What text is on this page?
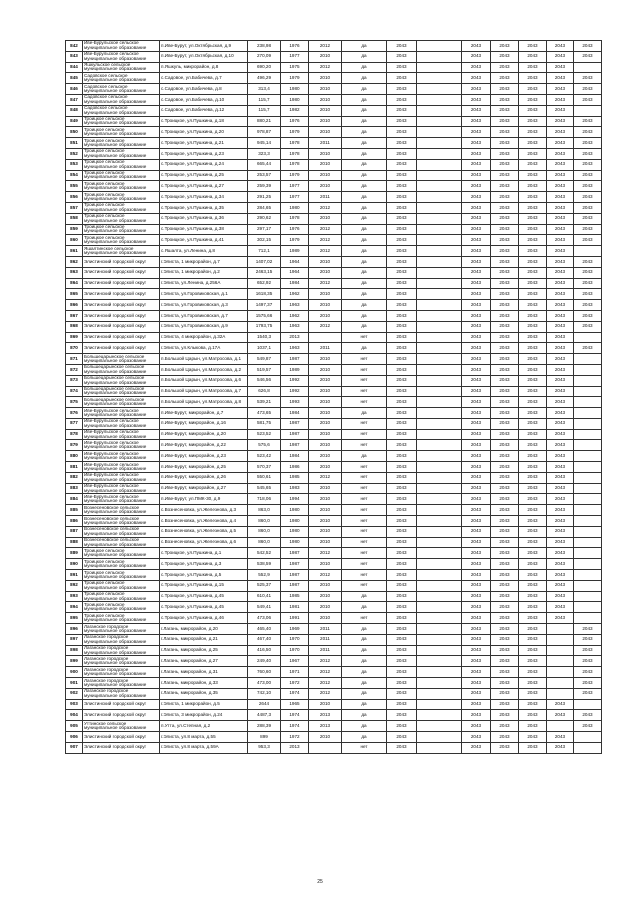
842	Иве-Бурульское сельское муниципальное образование	п.Иве-Бурут, ул.Октябрьская, д.9	238,98	1976	2012	да	2043		2043	2043	2043	2043	2043
843	Иве-Бурульское сельское муниципальное образование	п.Иве-Бурут, ул.Октябрьская, д.10	270,09	1977	2010	да	2043		2043	2043	2043	2043	2043
844	Яшкульское сельское муниципальное образование	п.Яшкуль, микрорайон, д.8	690,20	1975	2012	да	2043		2043	2043	2043	2043	
845	Садовское сельское муниципальное образование	с.Садовое, ул.Бабичева, д.7	496,29	1979	2010	да	2043		2043	2043	2043	2043	2043
846	Садовское сельское муниципальное образование	с.Садовое, ул.Бабичева, д.8	313,4	1980	2010	да	2043		2043	2043	2043	2043	2043
847	Садовское сельское муниципальное образование	с.Садовое, ул.Бабичева, д.10	115,7	1980	2010	да	2043		2043	2043	2043	2043	2043
848	Садовское сельское муниципальное образование	с.Садовое, ул.Бабичева, д.12	115,7	1982	2010	да	2043		2043	2043	2043	2043	
849	Троицкое сельское муниципальное образование	с.Троицкое, ул.Пушкина, д.18	880,21	1976	2010	да	2043		2043	2043	2043	2043	2043
850	Троицкое сельское муниципальное образование	с.Троицкое, ул.Пушкина, д.20	978,87	1979	2010	да	2043		2043	2043	2043	2043	2043
851	Троицкое сельское муниципальное образование	с.Троицкое, ул.Пушкина, д.21	945,14	1978	2011	да	2043		2043	2043	2043	2043	2043
852	Троицкое сельское муниципальное образование	с.Троицкое, ул.Пушкина, д.23	323,3	1978	2010	да	2043		2043	2043	2043	2043	2043
853	Троицкое сельское муниципальное образование	с.Троицкое, ул.Пушкина, д.24	665,44	1978	2010	да	2043		2043	2043	2043	2043	2043
854	Троицкое сельское муниципальное образование	с.Троицкое, ул.Пушкина, д.25	253,57	1979	2010	да	2043		2043	2043	2043	2043	2043
855	Троицкое сельское муниципальное образование	с.Троицкое, ул.Пушкина, д.27	259,39	1977	2010	да	2043		2043	2043	2043	2043	2043
856	Троицкое сельское муниципальное образование	с.Троицкое, ул.Пушкина, д.34	291,25	1977	2011	да	2043		2043	2043	2043	2043	2043
857	Троицкое сельское муниципальное образование	с.Троицкое, ул.Пушкина, д.35	284,65	1980	2012	да	2043		2043	2043	2043	2043	2043
858	Троицкое сельское муниципальное образование	с.Троицкое, ул.Пушкина, д.36	290,62	1978	2010	да	2043		2043	2043	2043	2043	2043
859	Троицкое сельское муниципальное образование	с.Троицкое, ул.Пушкина, д.38	297,17	1976	2012	да	2043		2043	2043	2043	2043	2043
860	Троицкое сельское муниципальное образование	с.Троицкое, ул.Пушкина, д.41	302,15	1979	2012	да	2043		2043	2043	2043	2043	2043
861	Яшалтинское сельское муниципальное образование	с.Яшалта, ул.Ленина, д.8	712,1	1989	2012	да	2043		2043	2043	2043	2043	
862	Элистинский городской округ	г.Элиста, 1 микрорайон, д.7	1407,02	1964	2010	да	2043		2043	2043	2043	2043	2043
863	Элистинский городской округ	г.Элиста, 1 микрорайон, д.2	2463,15	1964	2010	да	2043		2043	2043	2043	2043	2043
864	Элистинский городской округ	г.Элиста, ул.Ленина, д.256А	652,92	1984	2012	да	2043		2043	2043	2043	2043	2043
865	Элистинский городской округ	г.Элиста, ул.Горовиковская, д.1	1618,35	1962	2010	да	2043		2043	2043	2043	2043	2043
866	Элистинский городской округ	г.Элиста, ул.Горовиковская, д.3	1497,37	1963	2010	да	2043		2043	2043	2043	2043	2043
867	Элистинский городской округ	г.Элиста, ул.Горовиковская, д.7	1575,66	1962	2010	да	2043		2043	2043	2043	2043	2043
868	Элистинский городской округ	г.Элиста, ул.Горовиковская, д.9	1793,75	1963	2012	да	2043		2043	2043	2043	2043	2043
869	Элистинский городской округ	г.Элиста, 4 микрорайон, д.32А	1540,3	2013		нет	2043		2043	2043	2043	2043	
870	Элистинский городской округ	г.Элиста, ул.Клыкова, д.17А	1037,1	1963	2011	да	2043		2043	2043	2043	2043	2043
871	Большецарынское сельское муниципальное образование	п.Большой Царын, ул.Матросова, д.1	549,87	1987	2010	нет	2043		2043	2043	2043	2043	
872	Большецарынское сельское муниципальное образование	п.Большой Царын, ул.Матросова, д.2	519,57	1989	2010	нет	2043		2043	2043	2043	2043	
873	Большецарынское сельское муниципальное образование	п.Большой Царын, ул.Матросова, д.6	546,56	1992	2010	нет	2043		2043	2043	2043	2043	
874	Большецарынское сельское муниципальное образование	п.Большой Царын, ул.Матросова, д.7	626,8	1992	2010	нет	2043		2043	2043	2043	2043	
875	Большецарынское сельское муниципальное образование	п.Большой Царын, ул.Матросова, д.8	539,21	1993	2010	нет	2043		2043	2043	2043	2043	
876	Иве-Бурульское сельское муниципальное образование	п.Иве-Бурут, микрорайон, д.7	473,65	1984	2010	да	2043		2043	2043	2043	2043	
877	Иве-Бурульское сельское муниципальное образование	п.Иве-Бурут, микрорайон, д.16	581,75	1987	2010	нет	2043		2043	2043	2043	2043	
878	Иве-Бурульское сельское муниципальное образование	п.Иве-Бурут, микрорайон, д.20	523,52	1987	2010	нет	2043		2043	2043	2043	2043	
879	Иве-Бурульское сельское муниципальное образование	п.Иве-Бурут, микрорайон, д.22	575,6	1987	2010	нет	2043		2043	2043	2043	2043	
880	Иве-Бурульское сельское муниципальное образование	п.Иве-Бурут, микрорайон, д.23	523,42	1984	2010	да	2043		2043	2043	2043	2043	
881	Иве-Бурульское сельское муниципальное образование	п.Иве-Бурут, микрорайон, д.25	570,37	1986	2010	нет	2043		2043	2043	2043	2043	
882	Иве-Бурульское сельское муниципальное образование	п.Иве-Бурут, микрорайон, д.26	550,61	1985	2012	нет	2043		2043	2043	2043	2043	
883	Иве-Бурульское сельское муниципальное образование	п.Иве-Бурут, микрорайон, д.27	545,65	1983	2010	нет	2043		2043	2043	2043	2043	
884	Иве-Бурульское сельское муниципальное образование	п.Иве-Бурут, ул.ПМК-30, д.9	718,06	1994	2010	нет	2043		2043	2043	2043	2043	
885	Вознесеновское сельское муниципальное образование	с.Вознесеновка, ул.Железнова, д.3	863,0	1980	2010	нет	2043		2043	2043	2043	2043	
886	Вознесеновское сельское муниципальное образование	с.Вознесеновка, ул.Железнова, д.4	860,0	1980	2010	нет	2043		2043	2043	2043	2043	
887	Вознесеновское сельское муниципальное образование	с.Вознесеновка, ул.Железнова, д.5	860,0	1980	2010	нет	2043		2043	2043	2043	2043	
888	Вознесеновское сельское муниципальное образование	с.Вознесеновка, ул.Железнова, д.6	860,0	1980	2010	нет	2043		2043	2043	2043	2043	
889	Троицкое сельское муниципальное образование	с.Троицкое, ул.Пушкина, д.1	542,52	1987	2012	нет	2043		2043	2043	2043	2043	
890	Троицкое сельское муниципальное образование	с.Троицкое, ул.Пушкина, д.3	538,59	1987	2010	нет	2043		2043	2043	2043	2043	
891	Троицкое сельское муниципальное образование	с.Троицкое, ул.Пушкина, д.5	552,9	1987	2012	нет	2043		2043	2043	2043	2043	
892	Троицкое сельское муниципальное образование	с.Троицкое, ул.Пушкина, д.15	525,37	1987	2010	нет	2043		2043	2043	2043	2043	
893	Троицкое сельское муниципальное образование	с.Троицкое, ул.Пушкина, д.45	610,41	1985	2010	да	2043		2043	2043	2043	2043	
894	Троицкое сельское муниципальное образование	с.Троицкое, ул.Пушкина, д.45	549,41	1981	2010	да	2043		2043	2043	2043	2043	
895	Троицкое сельское муниципальное образование	с.Троицкое, ул.Пушкина, д.46	473,06	1991	2010	нет	2043		2043	2043	2043	2043	
896	Лаганское городское муниципальное образование	г.Лагань, микрорайон, д.20	465,40	1969	2011	да	2043		2043	2043	2043		2043
897	Лаганское городское муниципальное образование	г.Лагань, микрорайон, д.21	467,40	1970	2011	да	2043		2043	2043	2043		2043
898	Лаганское городское муниципальное образование	г.Лагань, микрорайон, д.25	416,50	1970	2011	да	2043		2043	2043	2043		2043
899	Лаганское городское муниципальное образование	г.Лагань, микрорайон, д.27	249,40	1967	2012	да	2043		2043	2043	2043		2043
900	Лаганское городское муниципальное образование	г.Лагань, микрорайон, д.31	760,60	1971	2012	да	2043		2043	2043	2043		2043
901	Лаганское городское муниципальное образование	г.Лагань, микрорайон, д.33	473,00	1972	2012	да	2043		2043	2043	2043		2043
902	Лаганское городское муниципальное образование	г.Лагань, микрорайон, д.35	742,10	1974	2012	да	2043		2043	2043	2043		2043
903	Элистинский городской округ	г.Элиста, 1 микрорайон, д.5	2644	1965	2010	да	2043		2043	2043	2043	2043	
904	Элистинский городской округ	г.Элиста, 3 микрорайон, д.24	4487,3	1974	2013	да	2043		2043	2043	2043	2043	2043
905	Уттинское сельское муниципальное образование	п.Утта, ул.Степная, д.2	288,39	1974	2013	да	2043		2043	2043	2043		2043
906	Элистинский городской округ	г.Элиста, ул.8 марта, д.55	899	1972	2010	да	2043		2043	2043	2043	2043	
907	Элистинский городской округ	г.Элиста, ул.8 марта, д.59А	953,3	2013		нет	2043		2043	2043	2043	2043	
25
